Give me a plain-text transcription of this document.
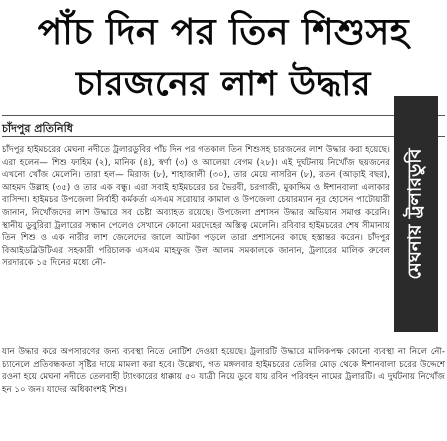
পাঁচ দিন পর তিন শিশুসহ
চারজনের লাশ উদ্ধার
চাঁদপুর প্রতিনিধি
মেঘনায় ট্রলারডুবি
চাঁদপুর হাইমচরের মেঘনা নদীতে ট্রলারডুবির পাঁচ দিন পর গতকাল তিন শিশুসহ চারজনের লাশ উদ্ধার করা হয়েছে। এরা হলেন— শিশু ফাহিম (২), মানিক (৪), স্বর্ণা (৩) ও আলেয়া বেগম (২৮)। এই দুর্ঘটনায় নিখোঁজ ছয়জনের এখনো খোঁজ মেলেনি। তারা হল— মিরাজ (৮), শাহাজালী (৩০), তার মেয়ে নাসরিন (৮), রতন (আড়াই বছর), আহমদ উল্লাহ (৩৫) ও তার এক বন্ধু। এরা সবাই হাইমচরের চর ভৈরবী, চরগাজী, মুকাদ্দিম ও ঈশানবালা এলাকার বাসিন্দা। হাইমচর উপজেলা নির্বাহী কর্মকর্তা এসএম সরোয়ার কামাল ও উপজেলা চেয়ারম্যান নূর হোসেন পাটোয়ারী জানান, নিখোঁজদের লাশ উদ্ধারে সব চেষ্টা অব্যাহত রয়েছে। উপজেলা প্রশাসন উদ্ধার অভিযান সমাপ্ত করেনি। স্থানীয় ডুবুরিরা ট্রলারের সন্ধান পেলেও সেখানে কোনো মরদেহের অস্তিত্ব মেলেনি। রবিবার হাইমচরের শেষ সীমানায় তিন শিশু ও এক নারীর লাশ জেলেদের জালে আটকা পড়লে তারা প্রশাসনের কাছে হস্তান্তর করেন। চাঁদপুর বিআইডব্লিউটিএর সহকারী পরিচালক এসএম মাহফুজ উল আলম সমকালকে জানান, ট্রলারের মালিক রুবেল সরদারকে ১৫ দিনের মধ্যে নৌ-
যান উদ্ধার করে অপসারণের জন্য ব্যবস্থা নিতে নোটিশ দেওয়া হয়েছে। ট্রলারটি উদ্ধারে মালিকপক্ষ কোনো ব্যবস্থা না নিলে নৌ-চ্যানেলে প্রতিবন্ধকতা সৃষ্টির দায়ে মামলা করা হবে। উল্লেখ্য, গত মঙ্গলবার হাইমচরের তেলির মোড় থেকে ঈশানবালা চরের উদ্দেশে রওনা হয়ে মেঘনা নদীতে তেলবাহী ট্যাংকারের ধাক্কায় ৫০ যাত্রী নিয়ে ডুবে যায় রবিন পরিবহন নামের ট্রলারটি। এ দুর্ঘটনায় নিখোঁজ হন ১০ জন। যাদের অধিকাংশই শিশু।
